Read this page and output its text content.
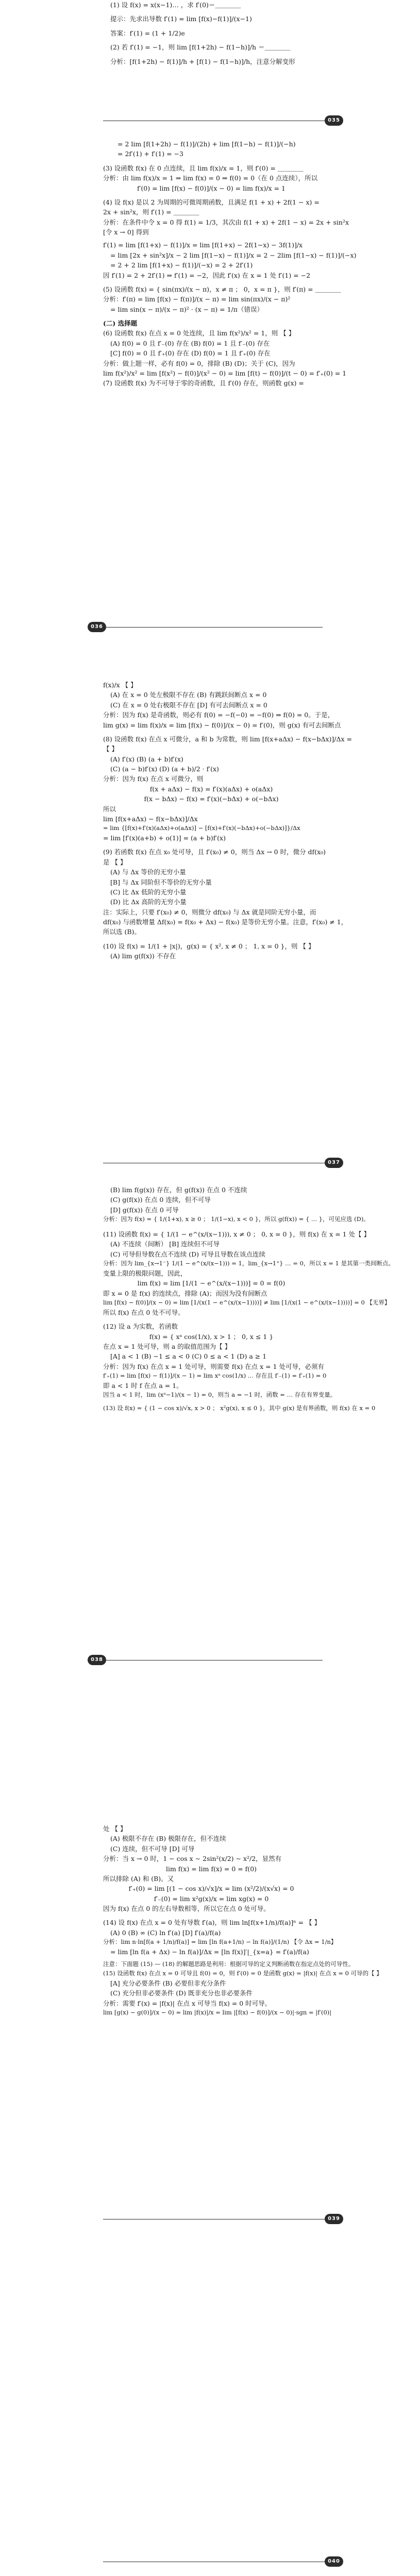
(1) 设 f(x) = x(x−1)… ，求 f′(0)＝＿＿＿＿

提示：先求出导数 f′(1) = lim [f(x)−f(1)]/(x−1)

答案：f′(1) = (1 + 1/2)e

(2) 若 f′(1) = −1，则 lim [f(1+2h) − f(1−h)]/h ＝＿＿＿＿

分析：[f(1+2h) − f(1)]/h + [f(1) − f(1−h)]/h，注意分解变形

035

= 2 lim [f(1+2h) − f(1)]/(2h) + lim [f(1−h) − f(1)]/(−h)

= 2f′(1) + f′(1) = −3

(3) 设函数 f(x) 在 0 点连续，且 lim f(x)/x = 1，则 f′(0) = ＿＿＿＿

分析：由 lim f(x)/x = 1 ⇒ lim f(x) = 0 ⇒ f(0) = 0（在 0 点连续），所以

f′(0) = lim [f(x) − f(0)]/(x − 0) = lim f(x)/x = 1

(4) 设 f(x) 是以 2 为周期的可微周期函数，且满足 f(1 + x) + 2f(1 − x) =

2x + sin²x，则 f′(1) = ＿＿＿＿

分析：在条件中令 x = 0 得 f(1) = 1/3，其次由 f(1 + x) + 2f(1 − x) = 2x + sin²x

[令 x → 0] 得到

f′(1) = lim [f(1+x) − f(1)]/x = lim [f(1+x) − 2f(1−x) − 3f(1)]/x

= lim [2x + sin²x]/x − 2 lim [f(1−x) − f(1)]/x = 2 − 2lim [f(1−x) − f(1)]/(−x)

= 2 + 2 lim [f(1+x) − f(1)]/(−x) = 2 + 2f′(1)

因 f′(1) = 2 + 2f′(1) ⇒ f′(1) = −2，因此 f′(x) 在 x = 1 处 f′(1) = −2

(5) 设函数 f(x) = { sin(πx)/(x − π)，x ≠ π ； 0，x = π }，则 f′(π) = ＿＿＿＿

分析：f′(π) = lim [f(x) − f(π)]/(x − π) = lim sin(πx)/(x − π)²

= lim sin(x − π)/(x − π)² · (x − π) = 1/π（错误）

(二) 选择题

(6) 设函数 f(x) 在点 x = 0 处连续，且 lim f(x²)/x² = 1，则 【 】

(A) f(0) = 0 且 f′₋(0) 存在 (B) f(0) = 1 且 f′₋(0) 存在

[C] f(0) = 0 且 f′₊(0) 存在 (D) f(0) = 1 且 f′₊(0) 存在

分析：做上题一样，必有 f(0) = 0，排除 (B) (D)；关于 (C)，因为

lim f(x²)/x² = lim [f(x²) − f(0)]/(x² − 0) = lim [f(t) − f(0)]/(t − 0) = f′₊(0) = 1

(7) 设函数 f(x) 为不可导于零的奇函数，且 f′(0) 存在，则函数 g(x) =

036

f(x)/x 【 】

(A) 在 x = 0 处左极限不存在 (B) 有跳跃间断点 x = 0

(C) 在 x = 0 处右极限不存在 [D] 有可去间断点 x = 0

分析：因为 f(x) 是奇函数，则必有 f(0) = −f(−0) = −f(0) ⇒ f(0) = 0。于是，

lim g(x) = lim f(x)/x = lim [f(x) − f(0)]/(x − 0) = f′(0)，则 g(x) 有可去间断点

(8) 设函数 f(x) 在点 x 可微分，a 和 b 为常数，则 lim [f(x+aΔx) − f(x−bΔx)]/Δx =

【 】

(A) f′(x) (B) (a + b)f′(x)

(C) (a − b)f′(x) (D) (a + b)/2 · f′(x)

分析：因为 f(x) 在点 x 可微分，则

f(x + aΔx) − f(x) = f′(x)(aΔx) + o(aΔx)

f(x − bΔx) − f(x) = f′(x)(−bΔx) + o(−bΔx)

所以

lim [f(x+aΔx) − f(x−bΔx)]/Δx

= lim {[f(x)+f′(x)(aΔx)+o(aΔx)] − [f(x)+f′(x)(−bΔx)+o(−bΔx)]}/Δx

= lim [f′(x)(a+b) + o(1)] = (a + b)f′(x)

(9) 若函数 f(x) 在点 x₀ 处可导，且 f′(x₀) ≠ 0，则当 Δx → 0 时，微分 df(x₀)

是 【 】

(A) 与 Δx 等价的无穷小量

[B] 与 Δx 同阶但不等价的无穷小量

(C) 比 Δx 低阶的无穷小量

(D) 比 Δx 高阶的无穷小量

注：实际上，只要 f′(x₀) ≠ 0，则微分 df(x₀) 与 Δx 就是同阶无穷小量，而

df(x₀) 与函数增量 Δf(x₀) = f(x₀ + Δx) − f(x₀) 是等价无穷小量。注意，f′(x₀) ≠ 1，

所以选 (B)。

(10) 设 f(x) = 1/(1 + |x|)，g(x) = { x², x ≠ 0 ； 1, x = 0 }，则 【 】

(A) lim g(f(x)) 不存在

037

(B) lim f(g(x)) 存在，但 g(f(x)) 在点 0 不连续

(C) g(f(x)) 在点 0 连续，但不可导

[D] g(f(x)) 在点 0 可导

分析：因为 f(x) = { 1/(1+x), x ≥ 0 ； 1/(1−x), x < 0 }，所以 g(f(x)) = { ... }，可见应选 (D)。

(11) 设函数 f(x) = { 1/(1 − e^(x/(x−1))), x ≠ 0 ； 0, x = 0 }，则 f(x) 在 x = 1 处【 】

(A) 不连续（间断） [B] 连续但不可导

(C) 可导但导数在点不连续 (D) 可导且导数在该点连续

分析：因为 lim_{x→1⁻} 1/(1 − e^(x/(x−1))) = 1，lim_{x→1⁺} … = 0，所以 x = 1 是其第一类间断点。

变量上限的极限问题，因此，

lim f(x) = lim [1/(1 − e^(x/(x−1)))] = 0 = f(0)

即 x = 0 是 f(x) 的连续点，排除 (A)；而因为没有间断点

lim [f(x) − f(0)]/(x − 0) = lim [1/(x(1 − e^(x/(x−1))))] ≠ lim [1/(x(1 − e^(x/(x−1))))] = 0 【无界】

所以 f(x) 在点 0 处不可导。

(12) 设 a 为实数，若函数

f(x) = { xᵃ cos(1/x), x > 1 ； 0, x ≤ 1 }

在点 x = 1 处可导，则 a 的取值范围为【 】

[A] a < 1 (B) −1 ≤ a < 0 (C) 0 ≤ a < 1 (D) a ≥ 1

分析：因为 f(x) 在点 x = 1 处可导，则需要 f(x) 在点 x = 1 处可导，必须有

f′₊(1) = lim [f(x) − f(1)]/(x − 1) = lim xᵃ cos(1/x) ... 存在且 f′₋(1) = f′₊(1) = 0

即 a < 1 时 f 在点 a = 1。

因当 a < 1 时，lim (xᵃ−1)/(x − 1) = 0，则当 a = −1 时，函数 = … 存在有界变量。

(13) 设 f(x) = { (1 − cos x)/√x, x > 0 ； x²g(x), x ≤ 0 }，其中 g(x) 是有界函数，则 f(x) 在 x = 0

038

处 【 】

(A) 极限不存在 (B) 极限存在，但不连续

(C) 连续，但不可导 [D] 可导

分析：当 x → 0 时，1 − cos x ∼ 2sin²(x/2) ∼ x²/2，显然有

lim f(x) = lim f(x) = 0 = f(0)

所以排除 (A) 和 (B)。又

f′₊(0) = lim [(1 − cos x)/√x]/x = lim (x²/2)/(x√x) = 0

f′₋(0) = lim x²g(x)/x = lim xg(x) = 0

因为 f(x) 在点 0 的左右导数相等，所以它在点 0 处可导。

(14) 设 f(x) 在点 x = 0 处有导数 f′(a)，则 lim ln[f(x+1/n)/f(a)]ⁿ = 【 】

(A) 0 (B) ∞ (C) ln f′(a) [D] f′(a)/f(a)

分析：lim n·ln[f(a + 1/n)/f(a)] = lim [ln f(a+1/n) − ln f(a)]/(1/n) 【令 Δx = 1/n】

= lim [ln f(a + Δx) − ln f(a)]/Δx = [ln f(x)]′|_{x=a} = f′(a)/f(a)

注意：下面题 (15) — (18) 的解题思路是利用：根据可导的定义判断函数在指定点处的可导性。

(15) 设函数 f(x) 在点 x = 0 可导且 f(0) = 0，则 f′(0) = 0 是函数 g(x) = |f(x)| 在点 x = 0 可导的【 】

[A] 充分必要条件 (B) 必要但非充分条件

(C) 充分但非必要条件 (D) 既非充分也非必要条件

分析：需要 f′(x) = |f(x)| 在点 x 可导当 f(x) = 0 时可导。

lim [g(x) − g(0)]/(x − 0) = lim |f(x)|/x = lim |[f(x) − f(0)]/(x − 0)|·sgn = |f′(0)|

039

040
